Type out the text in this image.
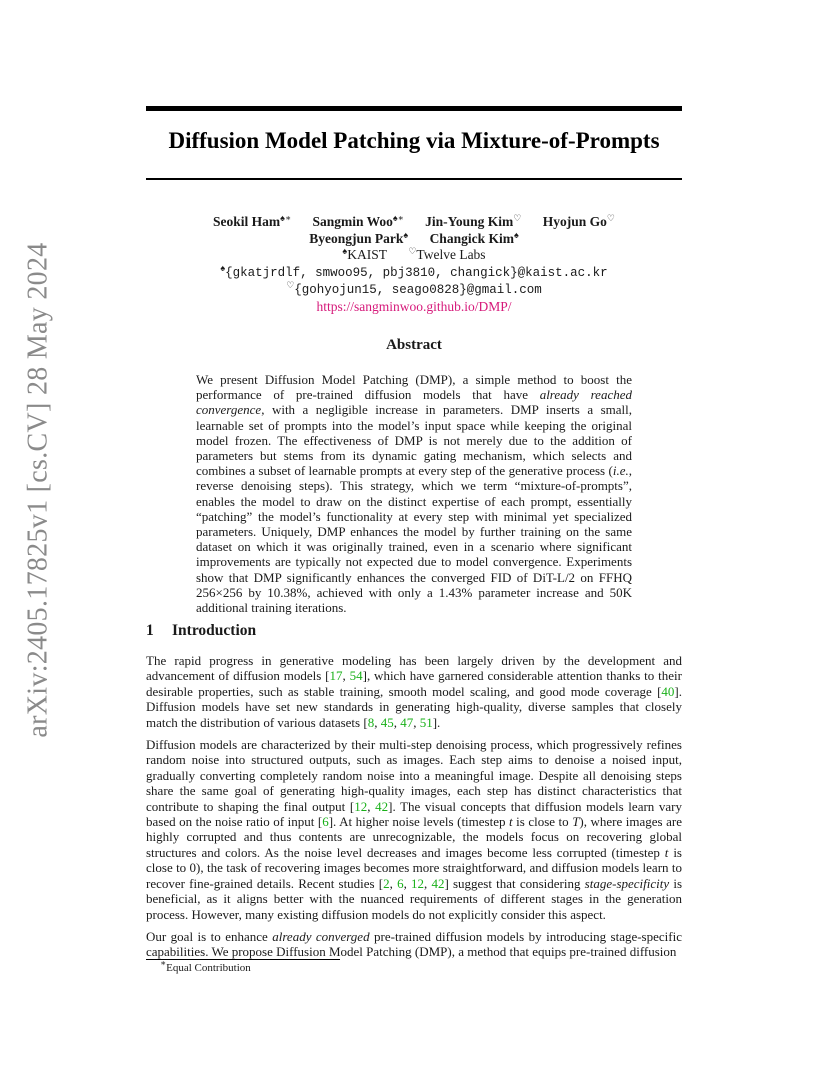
arXiv:2405.17825v1 [cs.CV] 28 May 2024
Diffusion Model Patching via Mixture-of-Prompts
Seokil Ham♠∗ Sangmin Woo♠∗ Jin-Young Kim♡ Hyojun Go♡
Byeongjun Park♠ Changick Kim♠
♠KAIST ♡Twelve Labs
♠{gkatjrdlf, smwoo95, pbj3810, changick}@kaist.ac.kr
♡{gohyojun15, seago0828}@gmail.com
https://sangminwoo.github.io/DMP/
Abstract
We present Diffusion Model Patching (DMP), a simple method to boost the performance of pre-trained diffusion models that have already reached convergence, with a negligible increase in parameters. DMP inserts a small, learnable set of prompts into the model’s input space while keeping the original model frozen. The effectiveness of DMP is not merely due to the addition of parameters but stems from its dynamic gating mechanism, which selects and combines a subset of learnable prompts at every step of the generative process (i.e., reverse denoising steps). This strategy, which we term “mixture-of-prompts”, enables the model to draw on the distinct expertise of each prompt, essentially “patching” the model’s functionality at every step with minimal yet specialized parameters. Uniquely, DMP enhances the model by further training on the same dataset on which it was originally trained, even in a scenario where significant improvements are typically not expected due to model convergence. Experiments show that DMP significantly enhances the converged FID of DiT-L/2 on FFHQ 256×256 by 10.38%, achieved with only a 1.43% parameter increase and 50K additional training iterations.
1 Introduction

The rapid progress in generative modeling has been largely driven by the development and advancement of diffusion models [17, 54], which have garnered considerable attention thanks to their desirable properties, such as stable training, smooth model scaling, and good mode coverage [40]. Diffusion models have set new standards in generating high-quality, diverse samples that closely match the distribution of various datasets [8, 45, 47, 51].

Diffusion models are characterized by their multi-step denoising process, which progressively refines random noise into structured outputs, such as images. Each step aims to denoise a noised input, gradually converting completely random noise into a meaningful image. Despite all denoising steps share the same goal of generating high-quality images, each step has distinct characteristics that contribute to shaping the final output [12, 42]. The visual concepts that diffusion models learn vary based on the noise ratio of input [6]. At higher noise levels (timestep t is close to T), where images are highly corrupted and thus contents are unrecognizable, the models focus on recovering global structures and colors. As the noise level decreases and images become less corrupted (timestep t is close to 0), the task of recovering images becomes more straightforward, and diffusion models learn to recover fine-grained details. Recent studies [2, 6, 12, 42] suggest that considering stage-specificity is beneficial, as it aligns better with the nuanced requirements of different stages in the generation process. However, many existing diffusion models do not explicitly consider this aspect.

Our goal is to enhance already converged pre-trained diffusion models by introducing stage-specific capabilities. We propose Diffusion Model Patching (DMP), a method that equips pre-trained diffusion

∗Equal Contribution
